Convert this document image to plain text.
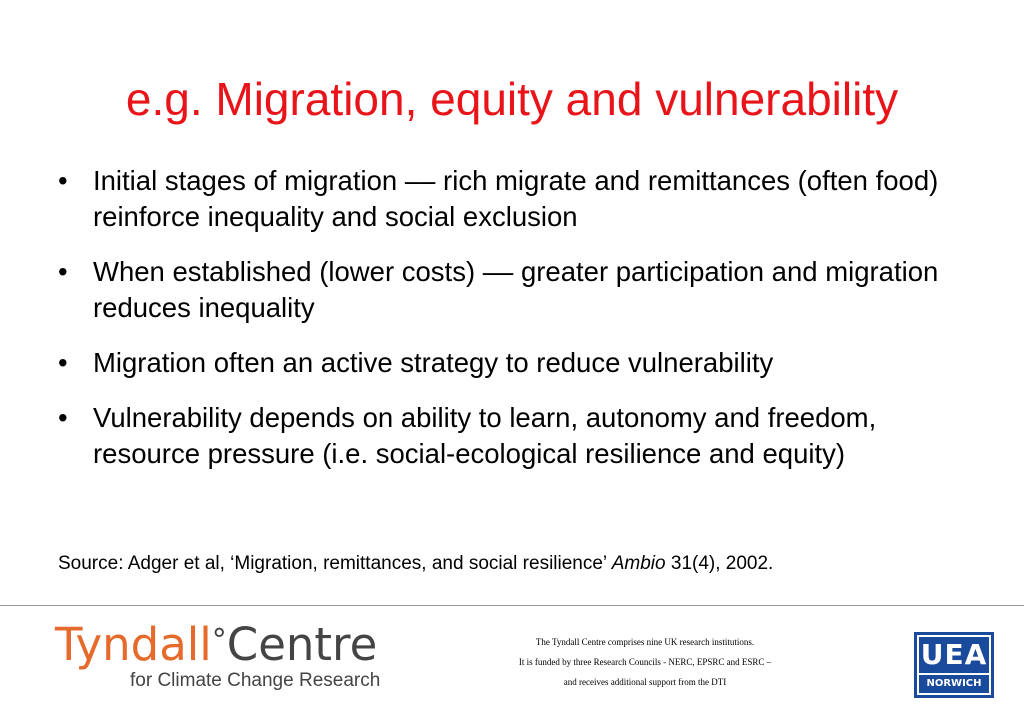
e.g. Migration, equity and vulnerability
• Initial stages of migration –– rich migrate and remittances (often food) reinforce inequality and social exclusion
• When established (lower costs) –– greater participation and migration reduces inequality
• Migration often an active strategy to reduce vulnerability
• Vulnerability depends on ability to learn, autonomy and freedom, resource pressure (i.e. social-ecological resilience and equity)
Source: Adger et al, ‘Migration, remittances, and social resilience’ Ambio 31(4), 2002.
Tyndall°Centre
for Climate Change Research
The Tyndall Centre comprises nine UK research institutions.
It is funded by three Research Councils - NERC, EPSRC and ESRC –
and receives additional support from the DTI
UEA
NORWICH
